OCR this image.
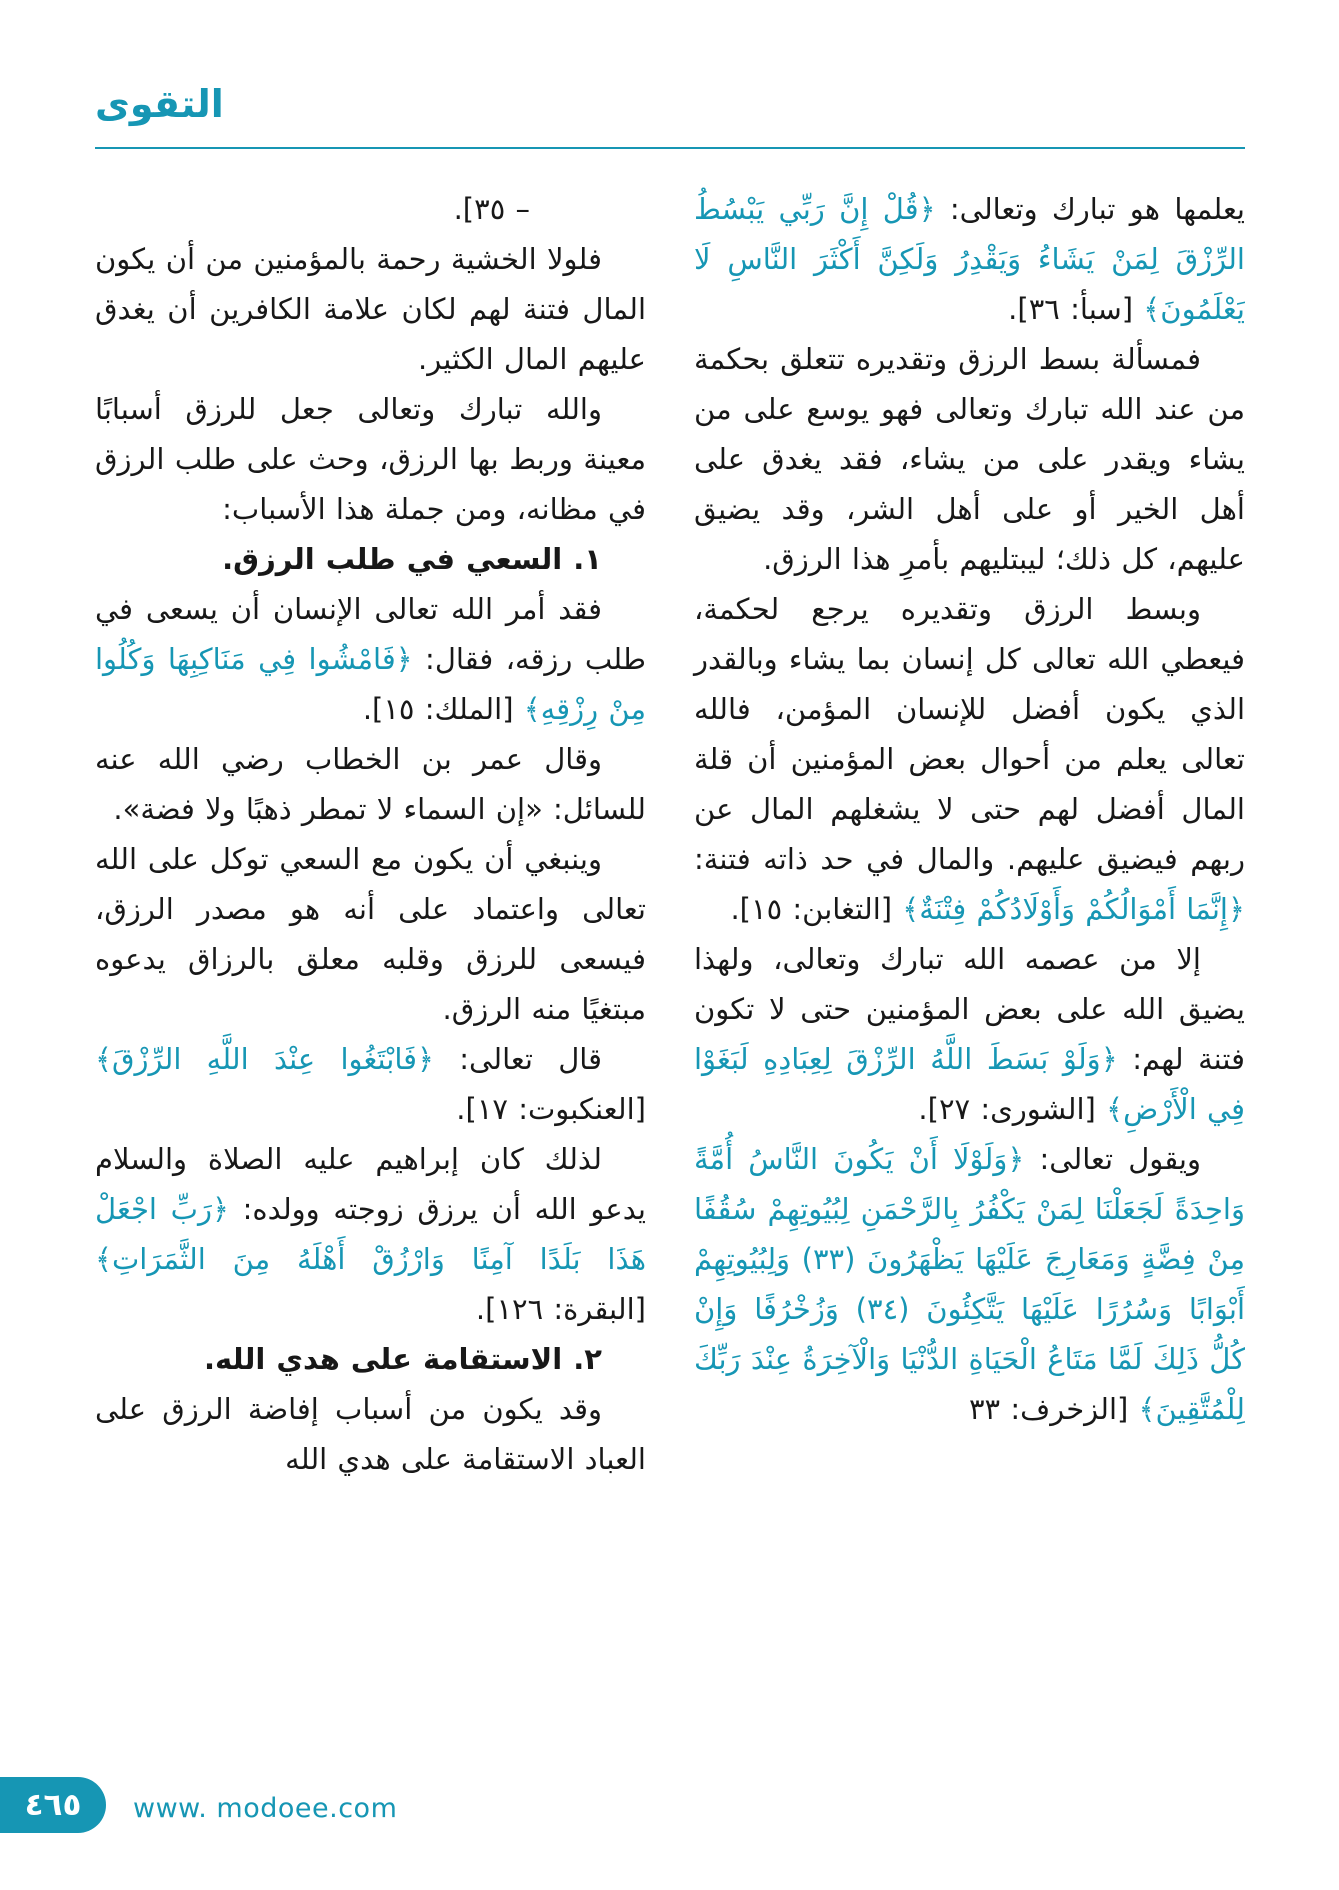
التقوى

يعلمها هو تبارك وتعالى: ﴿قُلْ إِنَّ رَبِّي يَبْسُطُ الرِّزْقَ لِمَنْ يَشَاءُ وَيَقْدِرُ وَلَكِنَّ أَكْثَرَ النَّاسِ لَا يَعْلَمُونَ﴾ [سبأ: ٣٦].

فمسألة بسط الرزق وتقديره تتعلق بحكمة من عند الله تبارك وتعالى فهو يوسع على من يشاء ويقدر على من يشاء، فقد يغدق على أهل الخير أو على أهل الشر، وقد يضيق عليهم، كل ذلك؛ ليبتليهم بأمرِ هذا الرزق.

وبسط الرزق وتقديره يرجع لحكمة، فيعطي الله تعالى كل إنسان بما يشاء وبالقدر الذي يكون أفضل للإنسان المؤمن، فالله تعالى يعلم من أحوال بعض المؤمنين أن قلة المال أفضل لهم حتى لا يشغلهم المال عن ربهم فيضيق عليهم. والمال في حد ذاته فتنة: ﴿إِنَّمَا أَمْوَالُكُمْ وَأَوْلَادُكُمْ فِتْنَةٌ﴾ [التغابن: ١٥].

إلا من عصمه الله تبارك وتعالى، ولهذا يضيق الله على بعض المؤمنين حتى لا تكون فتنة لهم: ﴿وَلَوْ بَسَطَ اللَّهُ الرِّزْقَ لِعِبَادِهِ لَبَغَوْا فِي الْأَرْضِ﴾ [الشورى: ٢٧].

ويقول تعالى: ﴿وَلَوْلَا أَنْ يَكُونَ النَّاسُ أُمَّةً وَاحِدَةً لَجَعَلْنَا لِمَنْ يَكْفُرُ بِالرَّحْمَنِ لِبُيُوتِهِمْ سُقُفًا مِنْ فِضَّةٍ وَمَعَارِجَ عَلَيْهَا يَظْهَرُونَ (٣٣) وَلِبُيُوتِهِمْ أَبْوَابًا وَسُرُرًا عَلَيْهَا يَتَّكِئُونَ (٣٤) وَزُخْرُفًا وَإِنْ كُلُّ ذَلِكَ لَمَّا مَتَاعُ الْحَيَاةِ الدُّنْيَا وَالْآخِرَةُ عِنْدَ رَبِّكَ لِلْمُتَّقِينَ﴾ [الزخرف: ٣٣

– ٣٥].

فلولا الخشية رحمة بالمؤمنين من أن يكون المال فتنة لهم لكان علامة الكافرين أن يغدق عليهم المال الكثير.

والله تبارك وتعالى جعل للرزق أسبابًا معينة وربط بها الرزق، وحث على طلب الرزق في مظانه، ومن جملة هذا الأسباب:

١. السعي في طلب الرزق.

فقد أمر الله تعالى الإنسان أن يسعى في طلب رزقه، فقال: ﴿فَامْشُوا فِي مَنَاكِبِهَا وَكُلُوا مِنْ رِزْقِهِ﴾ [الملك: ١٥].

وقال عمر بن الخطاب رضي الله عنه للسائل: «إن السماء لا تمطر ذهبًا ولا فضة».

وينبغي أن يكون مع السعي توكل على الله تعالى واعتماد على أنه هو مصدر الرزق، فيسعى للرزق وقلبه معلق بالرزاق يدعوه مبتغيًا منه الرزق.

قال تعالى: ﴿فَابْتَغُوا عِنْدَ اللَّهِ الرِّزْقَ﴾ [العنكبوت: ١٧].

لذلك كان إبراهيم عليه الصلاة والسلام يدعو الله أن يرزق زوجته وولده: ﴿رَبِّ اجْعَلْ هَذَا بَلَدًا آمِنًا وَارْزُقْ أَهْلَهُ مِنَ الثَّمَرَاتِ﴾ [البقرة: ١٢٦].

٢. الاستقامة على هدي الله.

وقد يكون من أسباب إفاضة الرزق على العباد الاستقامة على هدي الله

٤٦٥ www. modoee.com
